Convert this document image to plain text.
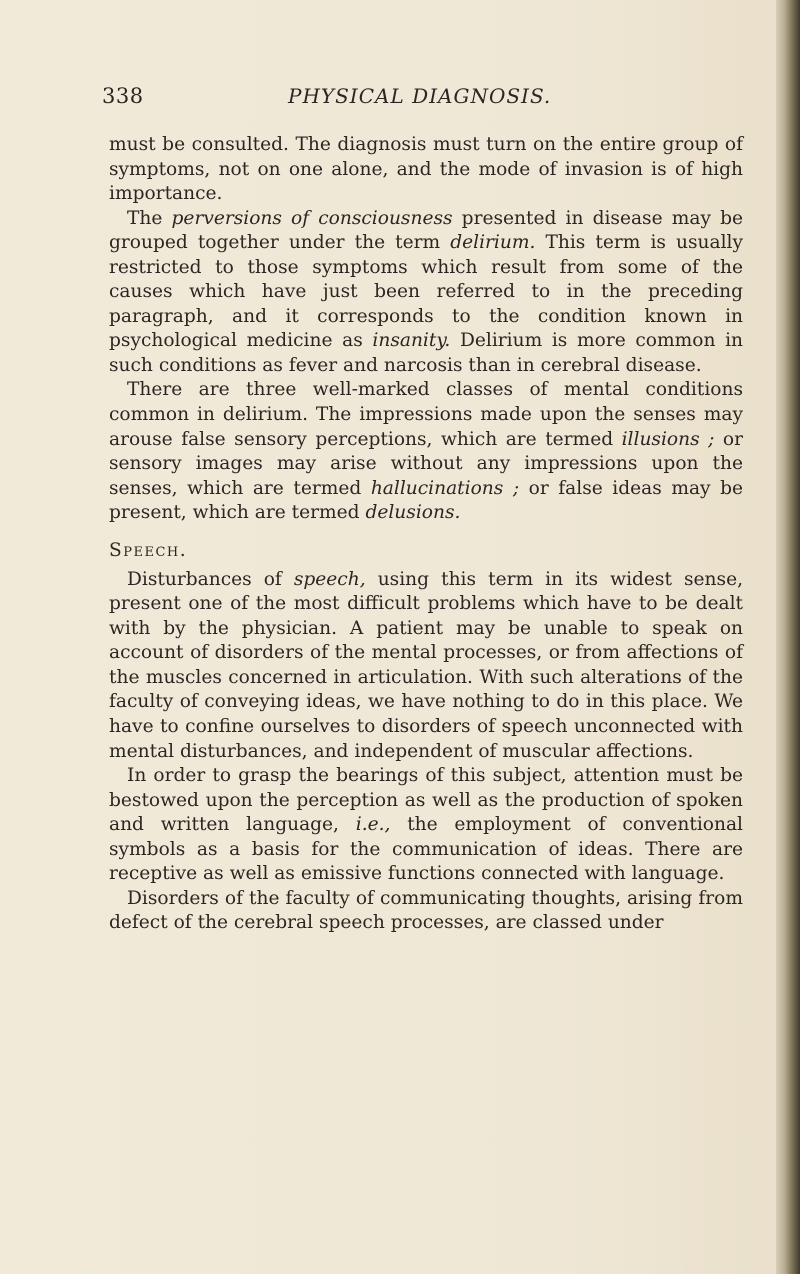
338	PHYSICAL DIAGNOSIS.

must be consulted. The diagnosis must turn on the entire group of symptoms, not on one alone, and the mode of invasion is of high importance.

The perversions of consciousness presented in disease may be grouped together under the term delirium. This term is usually restricted to those symptoms which result from some of the causes which have just been referred to in the preceding paragraph, and it corresponds to the condition known in psychological medicine as insanity. Delirium is more common in such conditions as fever and narcosis than in cerebral disease.

There are three well-marked classes of mental conditions common in delirium. The impressions made upon the senses may arouse false sensory perceptions, which are termed illusions ; or sensory images may arise without any impressions upon the senses, which are termed hallucinations ; or false ideas may be present, which are termed delusions.

Speech.

Disturbances of speech, using this term in its widest sense, present one of the most difficult problems which have to be dealt with by the physician. A patient may be unable to speak on account of disorders of the mental processes, or from affections of the muscles concerned in articulation. With such alterations of the faculty of conveying ideas, we have nothing to do in this place. We have to confine ourselves to disorders of speech unconnected with mental disturbances, and independent of muscular affections.

In order to grasp the bearings of this subject, attention must be bestowed upon the perception as well as the production of spoken and written language, i.e., the employment of conventional symbols as a basis for the communication of ideas. There are receptive as well as emissive functions connected with language.

Disorders of the faculty of communicating thoughts, arising from defect of the cerebral speech processes, are classed under
